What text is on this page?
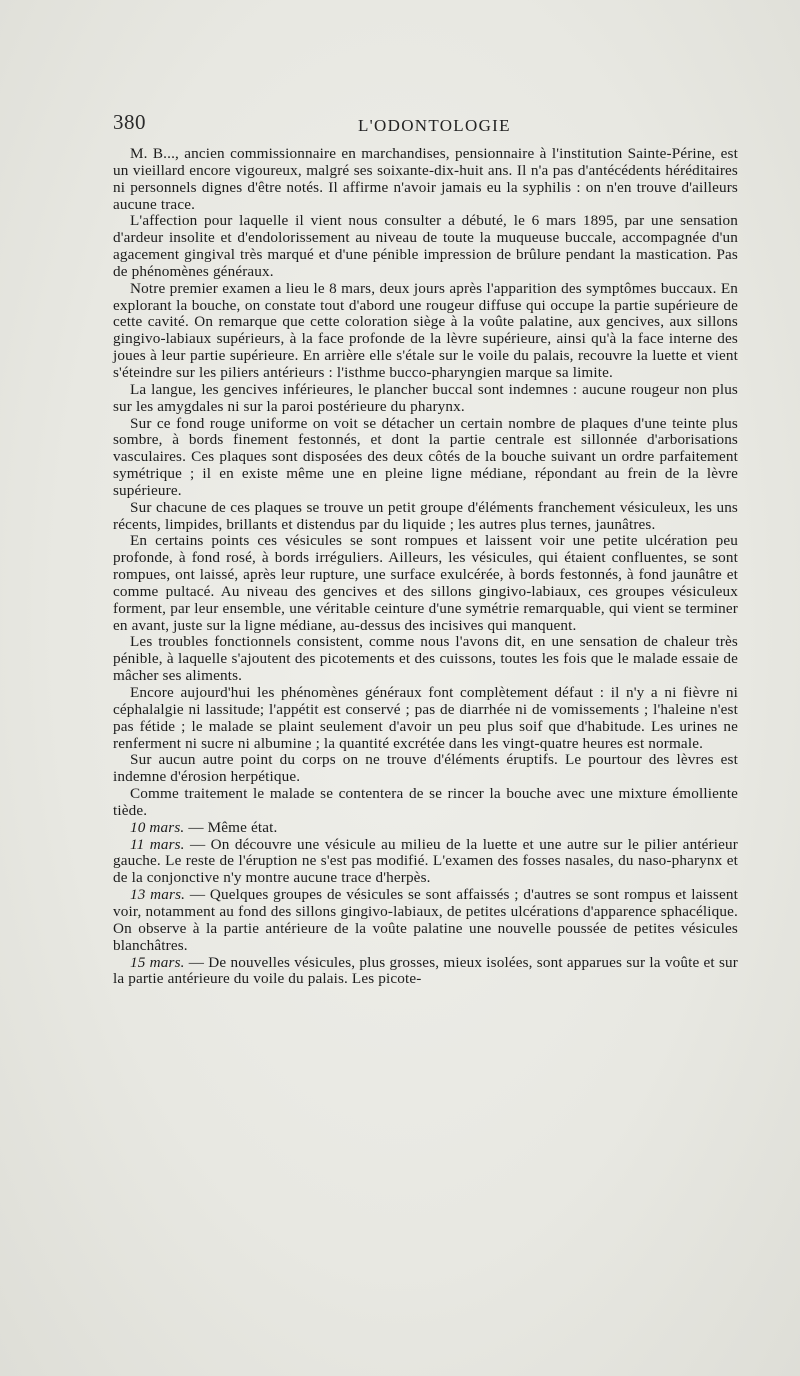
380	L'ODONTOLOGIE

M. B..., ancien commissionnaire en marchandises, pensionnaire à l'institution Sainte-Périne, est un vieillard encore vigoureux, malgré ses soixante-dix-huit ans. Il n'a pas d'antécédents héréditaires ni personnels dignes d'être notés. Il affirme n'avoir jamais eu la syphilis : on n'en trouve d'ailleurs aucune trace.

L'affection pour laquelle il vient nous consulter a débuté, le 6 mars 1895, par une sensation d'ardeur insolite et d'endolorissement au niveau de toute la muqueuse buccale, accompagnée d'un agacement gingival très marqué et d'une pénible impression de brûlure pendant la mastication. Pas de phénomènes généraux.

Notre premier examen a lieu le 8 mars, deux jours après l'apparition des symptômes buccaux. En explorant la bouche, on constate tout d'abord une rougeur diffuse qui occupe la partie supérieure de cette cavité. On remarque que cette coloration siège à la voûte palatine, aux gencives, aux sillons gingivo-labiaux supérieurs, à la face profonde de la lèvre supérieure, ainsi qu'à la face interne des joues à leur partie supérieure. En arrière elle s'étale sur le voile du palais, recouvre la luette et vient s'éteindre sur les piliers antérieurs : l'isthme bucco-pharyngien marque sa limite.

La langue, les gencives inférieures, le plancher buccal sont indemnes : aucune rougeur non plus sur les amygdales ni sur la paroi postérieure du pharynx.

Sur ce fond rouge uniforme on voit se détacher un certain nombre de plaques d'une teinte plus sombre, à bords finement festonnés, et dont la partie centrale est sillonnée d'arborisations vasculaires. Ces plaques sont disposées des deux côtés de la bouche suivant un ordre parfaitement symétrique ; il en existe même une en pleine ligne médiane, répondant au frein de la lèvre supérieure.

Sur chacune de ces plaques se trouve un petit groupe d'éléments franchement vésiculeux, les uns récents, limpides, brillants et distendus par du liquide ; les autres plus ternes, jaunâtres.

En certains points ces vésicules se sont rompues et laissent voir une petite ulcération peu profonde, à fond rosé, à bords irréguliers. Ailleurs, les vésicules, qui étaient confluentes, se sont rompues, ont laissé, après leur rupture, une surface exulcérée, à bords festonnés, à fond jaunâtre et comme pultacé. Au niveau des gencives et des sillons gingivo-labiaux, ces groupes vésiculeux forment, par leur ensemble, une véritable ceinture d'une symétrie remarquable, qui vient se terminer en avant, juste sur la ligne médiane, au-dessus des incisives qui manquent.

Les troubles fonctionnels consistent, comme nous l'avons dit, en une sensation de chaleur très pénible, à laquelle s'ajoutent des picotements et des cuissons, toutes les fois que le malade essaie de mâcher ses aliments.

Encore aujourd'hui les phénomènes généraux font complètement défaut : il n'y a ni fièvre ni céphalalgie ni lassitude; l'appétit est conservé ; pas de diarrhée ni de vomissements ; l'haleine n'est pas fétide ; le malade se plaint seulement d'avoir un peu plus soif que d'habitude. Les urines ne renferment ni sucre ni albumine ; la quantité excrétée dans les vingt-quatre heures est normale.

Sur aucun autre point du corps on ne trouve d'éléments éruptifs. Le pourtour des lèvres est indemne d'érosion herpétique.

Comme traitement le malade se contentera de se rincer la bouche avec une mixture émolliente tiède.

10 mars. — Même état.

11 mars. — On découvre une vésicule au milieu de la luette et une autre sur le pilier antérieur gauche. Le reste de l'éruption ne s'est pas modifié. L'examen des fosses nasales, du naso-pharynx et de la conjonctive n'y montre aucune trace d'herpès.

13 mars. — Quelques groupes de vésicules se sont affaissés ; d'autres se sont rompus et laissent voir, notamment au fond des sillons gingivo-labiaux, de petites ulcérations d'apparence sphacélique. On observe à la partie antérieure de la voûte palatine une nouvelle poussée de petites vésicules blanchâtres.

15 mars. — De nouvelles vésicules, plus grosses, mieux isolées, sont apparues sur la voûte et sur la partie antérieure du voile du palais. Les picote-
